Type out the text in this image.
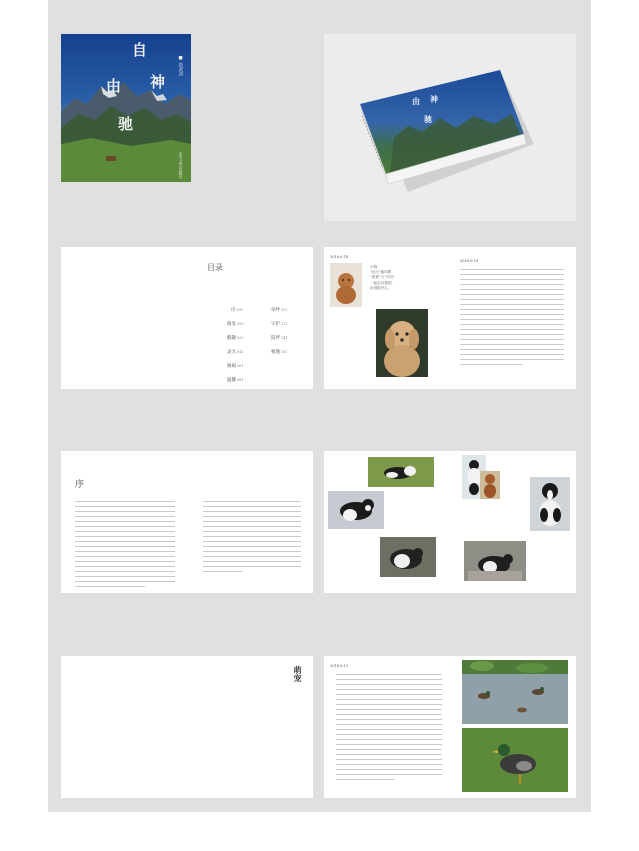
自
由 神
驰
■ 彭武涛
北方文艺出版社
自
由 神
驰
目录
序001
萌宠005
憨趣025
灵犬041
嬉闹061
温馨081
牵绊101
守护121
陪伴141
相逢161
2016.6.18
小狗
"汪汪"地叫着
"喜欢"与"不同"
一起去玩耍吧,
玩得很开心。
2016.6.19
序
萌宠	2016.6.12
